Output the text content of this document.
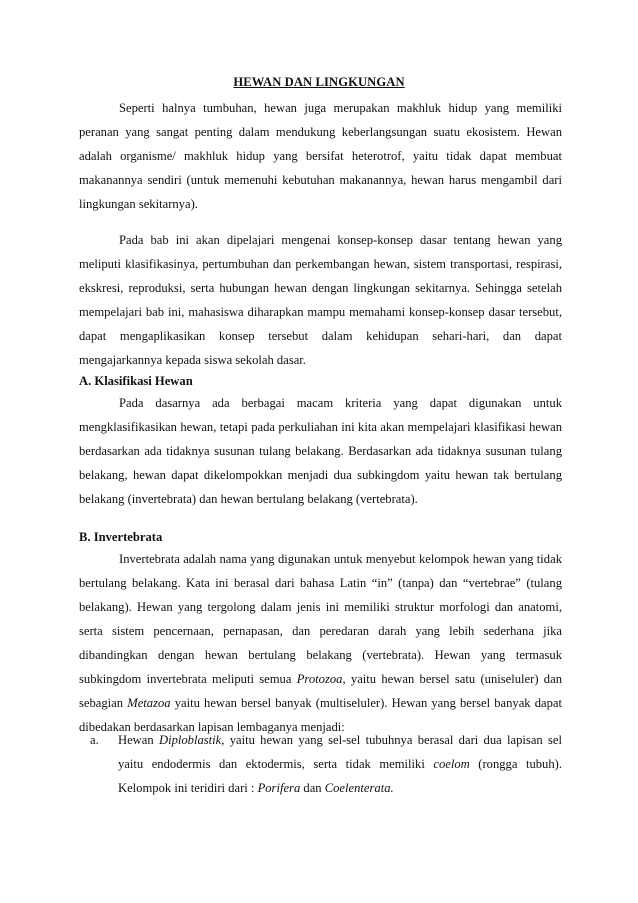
HEWAN DAN LINGKUNGAN

Seperti halnya tumbuhan, hewan juga merupakan makhluk hidup yang memiliki peranan yang sangat penting dalam mendukung keberlangsungan suatu ekosistem. Hewan adalah organisme/ makhluk hidup yang bersifat heterotrof, yaitu tidak dapat membuat makanannya sendiri (untuk memenuhi kebutuhan makanannya, hewan harus mengambil dari lingkungan sekitarnya).

Pada bab ini akan dipelajari mengenai konsep-konsep dasar tentang hewan yang meliputi klasifikasinya, pertumbuhan dan perkembangan hewan, sistem transportasi, respirasi, ekskresi, reproduksi, serta hubungan hewan dengan lingkungan sekitarnya. Sehingga setelah mempelajari bab ini, mahasiswa diharapkan mampu memahami konsep-konsep dasar tersebut, dapat mengaplikasikan konsep tersebut dalam kehidupan sehari-hari, dan dapat mengajarkannya kepada siswa sekolah dasar.

A. Klasifikasi Hewan

Pada dasarnya ada berbagai macam kriteria yang dapat digunakan untuk mengklasifikasikan hewan, tetapi pada perkuliahan ini kita akan mempelajari klasifikasi hewan berdasarkan ada tidaknya susunan tulang belakang. Berdasarkan ada tidaknya susunan tulang belakang, hewan dapat dikelompokkan menjadi dua subkingdom yaitu hewan tak bertulang belakang (invertebrata) dan hewan bertulang belakang (vertebrata).

B. Invertebrata

Invertebrata adalah nama yang digunakan untuk menyebut kelompok hewan yang tidak bertulang belakang. Kata ini berasal dari bahasa Latin “in” (tanpa) dan “vertebrae” (tulang belakang). Hewan yang tergolong dalam jenis ini memiliki struktur morfologi dan anatomi, serta sistem pencernaan, pernapasan, dan peredaran darah yang lebih sederhana jika dibandingkan dengan hewan bertulang belakang (vertebrata). Hewan yang termasuk subkingdom invertebrata meliputi semua Protozoa, yaitu hewan bersel satu (uniseluler) dan sebagian Metazoa yaitu hewan bersel banyak (multiseluler). Hewan yang bersel banyak dapat dibedakan berdasarkan lapisan lembaganya menjadi:

a.	Hewan Diploblastik, yaitu hewan yang sel-sel tubuhnya berasal dari dua lapisan sel yaitu endodermis dan ektodermis, serta tidak memiliki coelom (rongga tubuh). Kelompok ini teridiri dari : Porifera dan Coelenterata.
